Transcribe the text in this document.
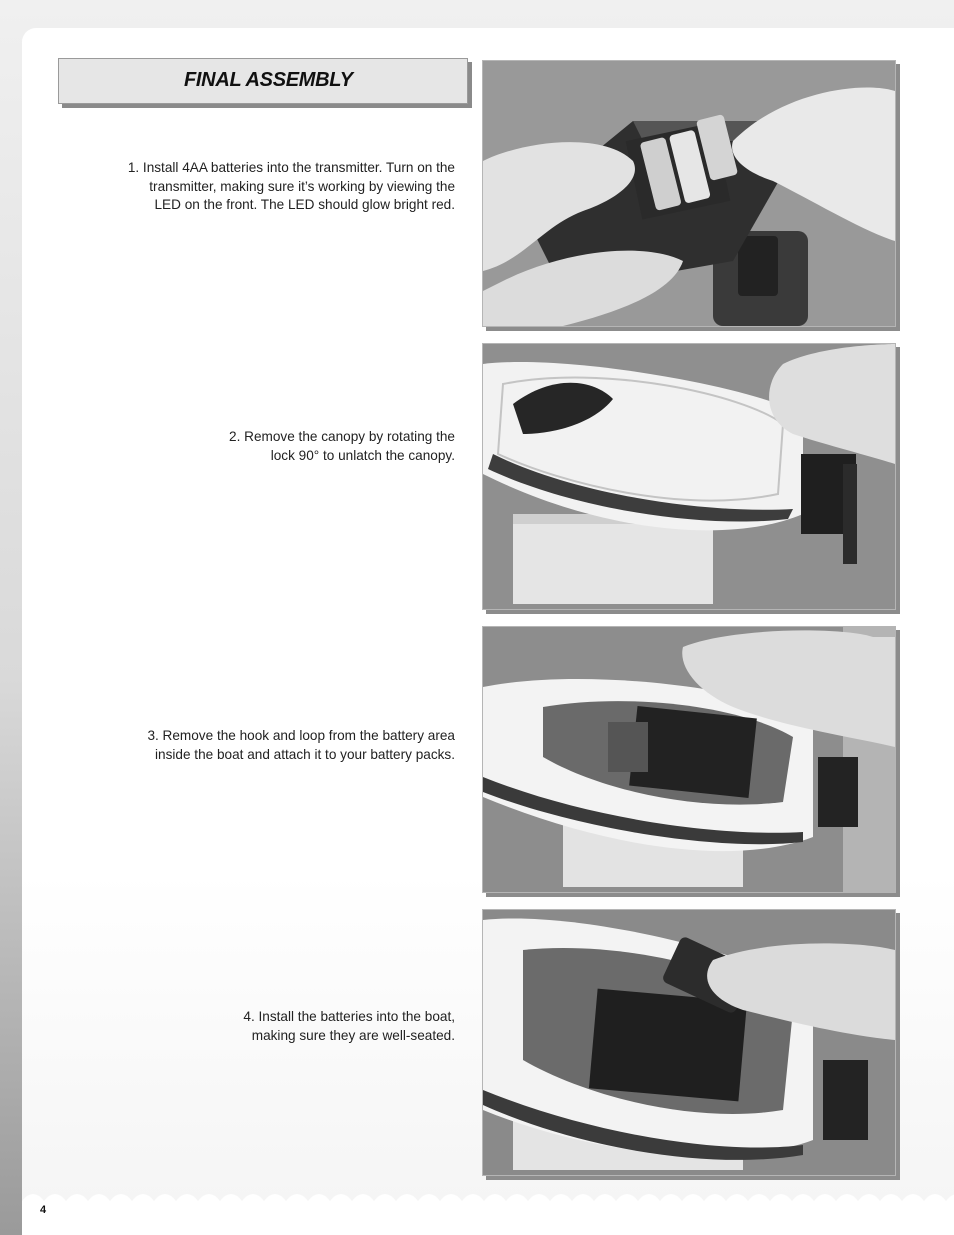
FINAL ASSEMBLY
1. Install 4AA batteries into the transmitter. Turn on the
transmitter, making sure it’s working by viewing the
LED on the front. The LED should glow bright red.
2. Remove the canopy by rotating the
lock 90° to unlatch the canopy.
3. Remove the hook and loop from the battery area
inside the boat and attach it to your battery packs.
4. Install the batteries into the boat,
making sure they are well-seated.
4
